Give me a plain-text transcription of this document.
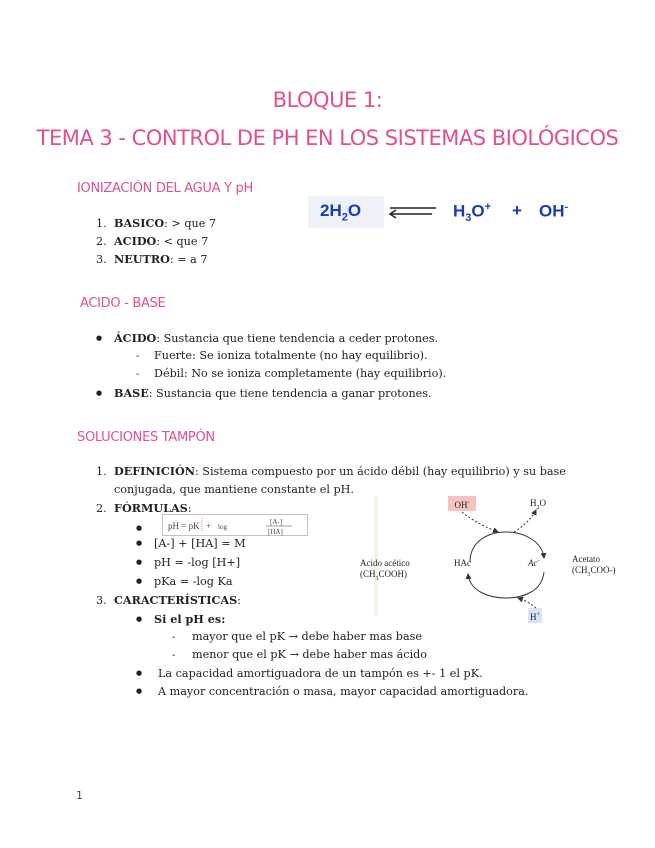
BLOQUE 1:
TEMA 3 - CONTROL DE PH EN LOS SISTEMAS BIOLÓGICOS
IONIZACIÓN DEL AGUA Y pH
1. BASICO: > que 7
2. ACIDO: < que 7
3. NEUTRO: = a 7
$2H_2O$	$H_3O^+ + OH^-$
ACIDO - BASE
●ÁCIDO: Sustancia que tiene tendencia a ceder protones.
- Fuerte: Se ioniza totalmente (no hay equilibrio).
- Débil: No se ioniza completamente (hay equilibrio).
●BASE: Sustancia que tiene tendencia a ganar protones.
SOLUCIONES TAMPÓN
1. DEFINICIÓN: Sistema compuesto por un ácido débil (hay equilibrio) y su base
conjugada, que mantiene constante el pH.
2. FÓRMULAS:
●
pH = pK + log
[A-]
[HA]
●[A-] + [HA] = M
●pH = -log [H+]
●pKa = -log Ka
3. CARACTERÍSTICAS:
●Si el pH es:
- mayor que el pK → debe haber mas base
- menor que el pK → debe haber mas ácido
●La capacidad amortiguadora de un tampón es +- 1 el pK.
●A mayor concentración o masa, mayor capacidad amortiguadora.
OH-	$H_2O$
Acido acético
$(CH_3COOH)$
HAc	Ac-	Acetato
$(CH_3COO-)$
H+
1
